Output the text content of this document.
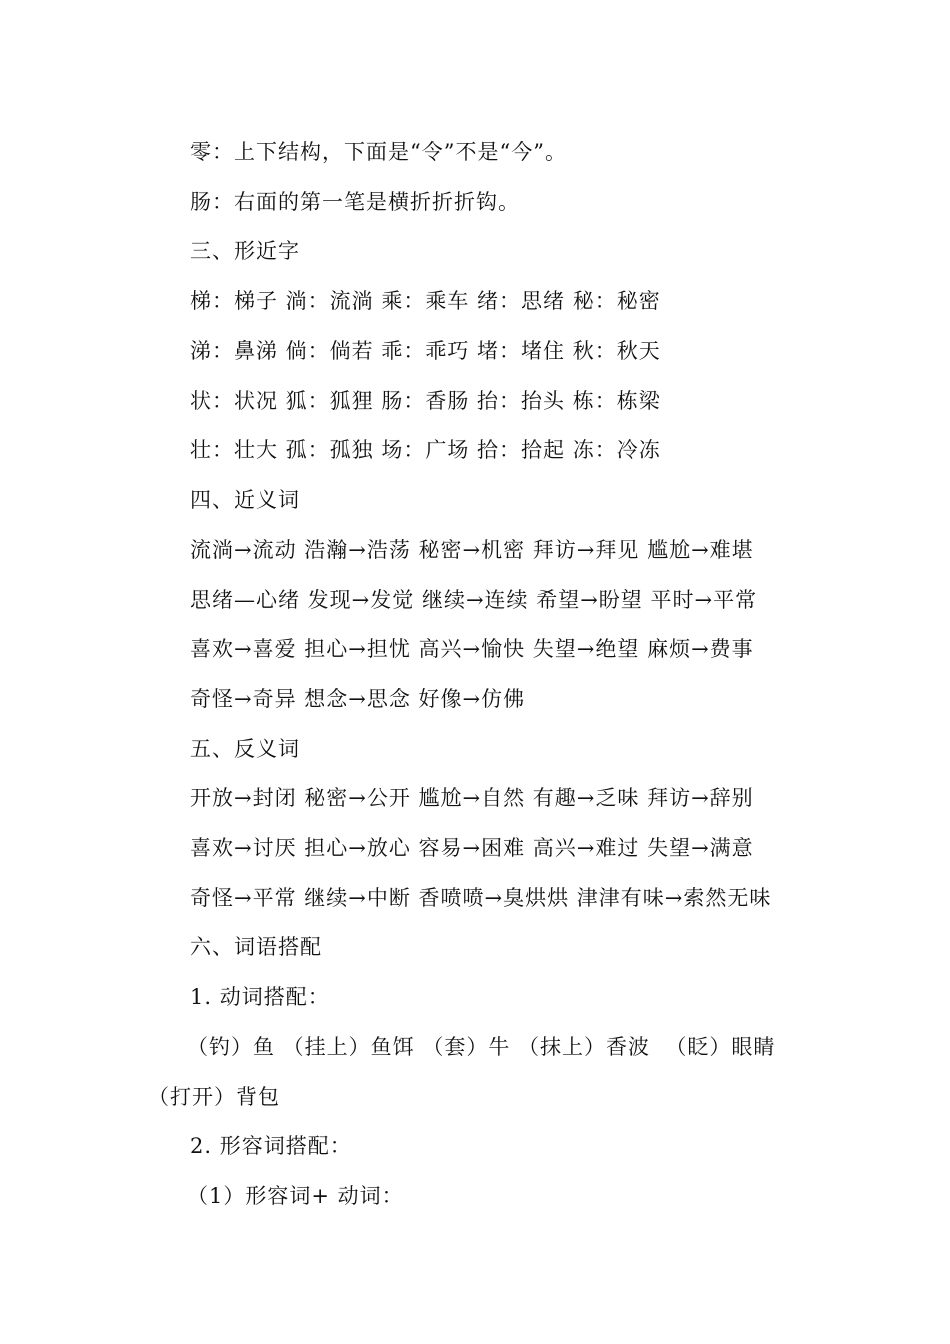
零：上下结构，下面是“令”不是“今”。
肠：右面的第一笔是横折折折钩。
三、形近字
梯：梯子 淌：流淌 乘：乘车 绪：思绪 秘：秘密
涕：鼻涕 倘：倘若 乖：乖巧 堵：堵住 秋：秋天
状：状况 狐：狐狸 肠：香肠 抬：抬头 栋：栋梁
壮：壮大 孤：孤独 场：广场 拾：拾起 冻：冷冻
四、近义词
流淌→流动 浩瀚→浩荡 秘密→机密 拜访→拜见 尴尬→难堪
思绪—心绪 发现→发觉 继续→连续 希望→盼望 平时→平常
喜欢→喜爱 担心→担忧 高兴→愉快 失望→绝望 麻烦→费事
奇怪→奇异 想念→思念 好像→仿佛
五、反义词
开放→封闭 秘密→公开 尴尬→自然 有趣→乏味 拜访→辞别
喜欢→讨厌 担心→放心 容易→困难 高兴→难过 失望→满意
奇怪→平常 继续→中断 香喷喷→臭烘烘 津津有味→索然无味
六、词语搭配
1. 动词搭配：
（钓）鱼 （挂上）鱼饵 （套）牛 （抹上）香波  （眨）眼睛
（打开）背包
2. 形容词搭配：
（1）形容词+ 动词：
